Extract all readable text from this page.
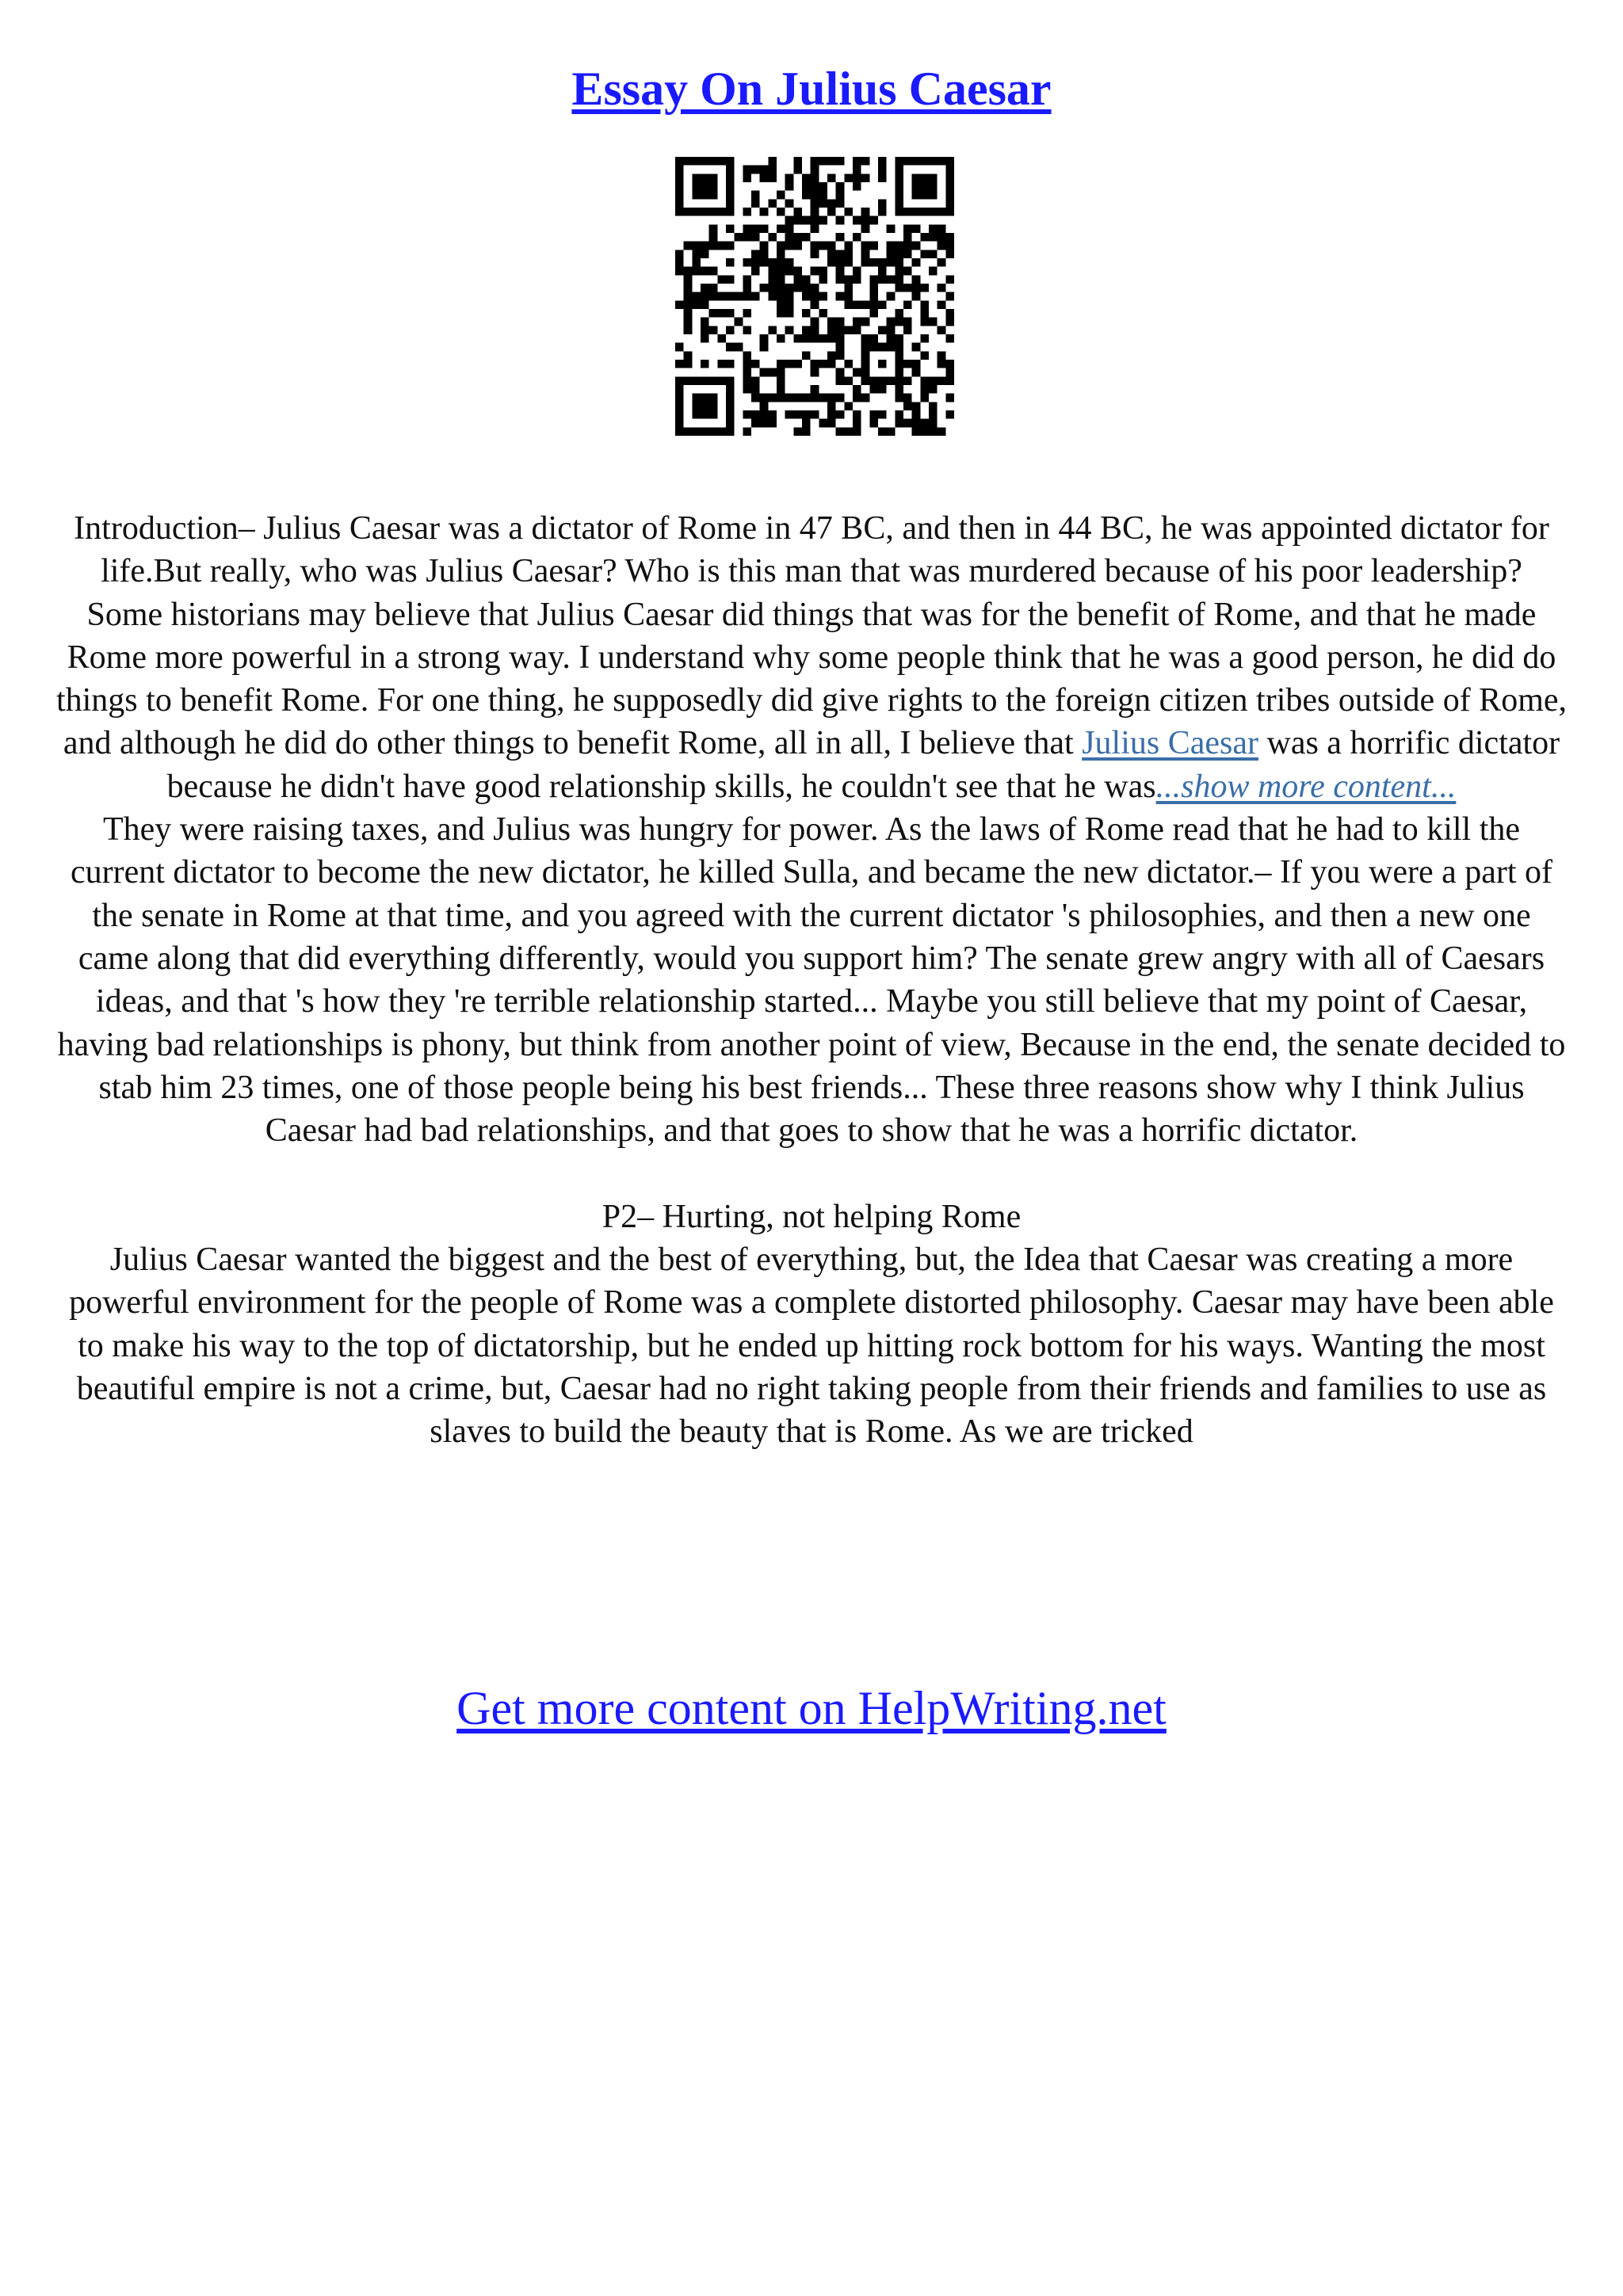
Essay On Julius Caesar

Introduction– Julius Caesar was a dictator of Rome in 47 BC, and then in 44 BC, he was appointed dictator for life.But really, who was Julius Caesar? Who is this man that was murdered because of his poor leadership?

Some historians may believe that Julius Caesar did things that was for the benefit of Rome, and that he made Rome more powerful in a strong way. I understand why some people think that he was a good person, he did do things to benefit Rome. For one thing, he supposedly did give rights to the foreign citizen tribes outside of Rome, and although he did do other things to benefit Rome, all in all, I believe that Julius Caesar was a horrific dictator because he didn't have good relationship skills, he couldn't see that he was...show more content...

They were raising taxes, and Julius was hungry for power. As the laws of Rome read that he had to kill the current dictator to become the new dictator, he killed Sulla, and became the new dictator.– If you were a part of the senate in Rome at that time, and you agreed with the current dictator 's philosophies, and then a new one came along that did everything differently, would you support him? The senate grew angry with all of Caesars ideas, and that 's how they 're terrible relationship started... Maybe you still believe that my point of Caesar, having bad relationships is phony, but think from another point of view, Because in the end, the senate decided to stab him 23 times, one of those people being his best friends... These three reasons show why I think Julius Caesar had bad relationships, and that goes to show that he was a horrific dictator.

P2– Hurting, not helping Rome

Julius Caesar wanted the biggest and the best of everything, but, the Idea that Caesar was creating a more powerful environment for the people of Rome was a complete distorted philosophy. Caesar may have been able to make his way to the top of dictatorship, but he ended up hitting rock bottom for his ways. Wanting the most beautiful empire is not a crime, but, Caesar had no right taking people from their friends and families to use as slaves to build the beauty that is Rome. As we are tricked

Get more content on HelpWriting.net
